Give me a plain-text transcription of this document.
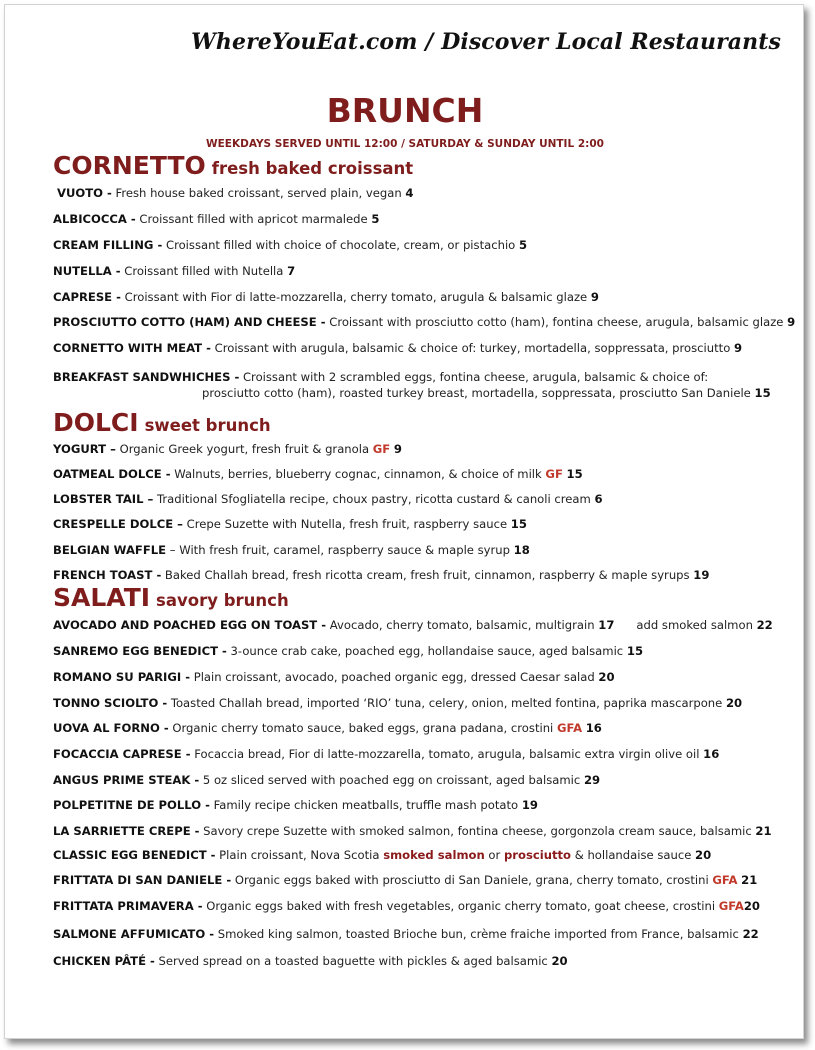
WhereYouEat.com / Discover Local Restaurants
BRUNCH
WEEKDAYS SERVED UNTIL 12:00 / SATURDAY & SUNDAY UNTIL 2:00
CORNETTO fresh baked croissant
VUOTO - Fresh house baked croissant, served plain, vegan 4
ALBICOCCA - Croissant filled with apricot marmalede 5
CREAM FILLING - Croissant filled with choice of chocolate, cream, or pistachio 5
NUTELLA - Croissant filled with Nutella 7
CAPRESE - Croissant with Fior di latte-mozzarella, cherry tomato, arugula & balsamic glaze 9
PROSCIUTTO COTTO (HAM) AND CHEESE - Croissant with prosciutto cotto (ham), fontina cheese, arugula, balsamic glaze 9
CORNETTO WITH MEAT - Croissant with arugula, balsamic & choice of: turkey, mortadella, soppressata, prosciutto 9
BREAKFAST SANDWHICHES - Croissant with 2 scrambled eggs, fontina cheese, arugula, balsamic & choice of:
prosciutto cotto (ham), roasted turkey breast, mortadella, soppressata, prosciutto San Daniele 15
DOLCI sweet brunch
YOGURT – Organic Greek yogurt, fresh fruit & granola GF 9
OATMEAL DOLCE - Walnuts, berries, blueberry cognac, cinnamon, & choice of milk GF 15
LOBSTER TAIL – Traditional Sfogliatella recipe, choux pastry, ricotta custard & canoli cream 6
CRESPELLE DOLCE – Crepe Suzette with Nutella, fresh fruit, raspberry sauce 15
BELGIAN WAFFLE – With fresh fruit, caramel, raspberry sauce & maple syrup 18
FRENCH TOAST - Baked Challah bread, fresh ricotta cream, fresh fruit, cinnamon, raspberry & maple syrups 19
SALATI savory brunch
AVOCADO AND POACHED EGG ON TOAST - Avocado, cherry tomato, balsamic, multigrain 17 add smoked salmon 22
SANREMO EGG BENEDICT - 3-ounce crab cake, poached egg, hollandaise sauce, aged balsamic 15
ROMANO SU PARIGI - Plain croissant, avocado, poached organic egg, dressed Caesar salad 20
TONNO SCIOLTO - Toasted Challah bread, imported ‘RIO’ tuna, celery, onion, melted fontina, paprika mascarpone 20
UOVA AL FORNO - Organic cherry tomato sauce, baked eggs, grana padana, crostini GFA 16
FOCACCIA CAPRESE - Focaccia bread, Fior di latte-mozzarella, tomato, arugula, balsamic extra virgin olive oil 16
ANGUS PRIME STEAK - 5 oz sliced served with poached egg on croissant, aged balsamic 29
POLPETITNE DE POLLO - Family recipe chicken meatballs, truffle mash potato 19
LA SARRIETTE CREPE - Savory crepe Suzette with smoked salmon, fontina cheese, gorgonzola cream sauce, balsamic 21
CLASSIC EGG BENEDICT - Plain croissant, Nova Scotia smoked salmon or prosciutto & hollandaise sauce 20
FRITTATA DI SAN DANIELE - Organic eggs baked with prosciutto di San Daniele, grana, cherry tomato, crostini GFA 21
FRITTATA PRIMAVERA - Organic eggs baked with fresh vegetables, organic cherry tomato, goat cheese, crostini GFA20
SALMONE AFFUMICATO - Smoked king salmon, toasted Brioche bun, crème fraiche imported from France, balsamic 22
CHICKEN PÂTÉ - Served spread on a toasted baguette with pickles & aged balsamic 20
